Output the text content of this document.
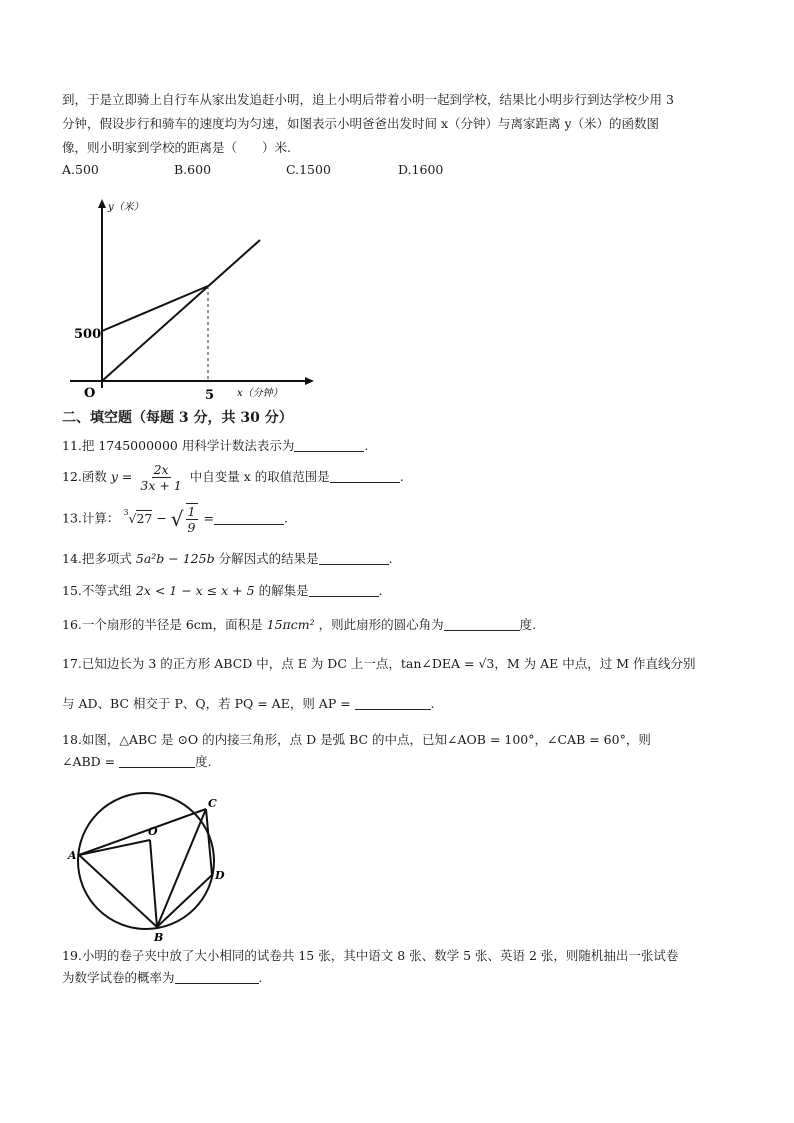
到，于是立即骑上自行车从家出发追赶小明，追上小明后带着小明一起到学校，结果比小明步行到达学校少用 3
分钟，假设步行和骑车的速度均为匀速，如图表示小明爸爸出发时间 x（分钟）与离家距离 y（米）的函数图
像，则小明家到学校的距离是（　　）米.
A.500	B.600	C.1500	D.1600
y（米）
x（分钟）
O
500
5
二、填空题（每题 3 分，共 30 分）
11.把 1745000000 用科学计数法表示为	.
12.函数 $y = \frac{2x}{3x + 1}$ 中自变量 x 的取值范围是	.
13.计算： $^3$√27 − √ $\frac{1}{9}$ =	.
14.把多项式 5a²b − 125b 分解因式的结果是	.
15.不等式组 2x < 1 − x ≤ x + 5 的解集是	.
16.一个扇形的半径是 6cm，面积是 15πcm² ，则此扇形的圆心角为	度.
17.已知边长为 3 的正方形 ABCD 中，点 E 为 DC 上一点，tan∠DEA = √3，M 为 AE 中点，过 M 作直线分别
与 AD、BC 相交于 P、Q，若 PQ = AE，则 AP =	.
18.如图，△ABC 是 ⊙O 的内接三角形，点 D 是弧 BC 的中点，已知∠AOB = 100°，∠CAB = 60°，则
∠ABD =	度.
A
O
C
D
B
19.小明的卷子夹中放了大小相同的试卷共 15 张，其中语文 8 张、数学 5 张、英语 2 张，则随机抽出一张试卷
为数学试卷的概率为	.
